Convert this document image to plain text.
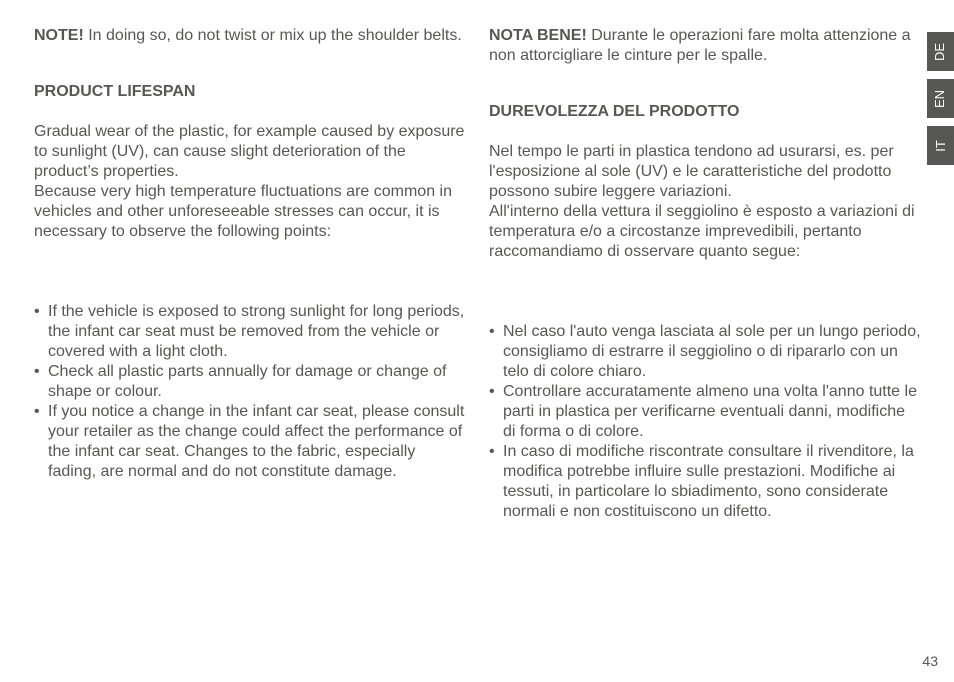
NOTE! In doing so, do not twist or mix up the shoulder belts.

PRODUCT LIFESPAN

Gradual wear of the plastic, for example caused by exposure to sunlight (UV), can cause slight deterioration of the product’s properties.

Because very high temperature fluctuations are common in vehicles and other unforeseeable stresses can occur, it is necessary to observe the following points:

• If the vehicle is exposed to strong sunlight for long periods, the infant car seat must be removed from the vehicle or covered with a light cloth.
• Check all plastic parts annually for damage or change of shape or colour.
• If you notice a change in the infant car seat, please consult your retailer as the change could affect the performance of the infant car seat. Changes to the fabric, especially fading, are normal and do not constitute damage.

NOTA BENE! Durante le operazioni fare molta attenzione a non attorcigliare le cinture per le spalle.

DUREVOLEZZA DEL PRODOTTO

Nel tempo le parti in plastica tendono ad usurarsi, es. per l'esposizione al sole (UV) e le caratteristiche del prodotto possono subire leggere variazioni.

All'interno della vettura il seggiolino è esposto a variazioni di temperatura e/o a circostanze imprevedibili, pertanto raccomandiamo di osservare quanto segue:

• Nel caso l'auto venga lasciata al sole per un lungo periodo, consigliamo di estrarre il seggiolino o di ripararlo con un telo di colore chiaro.
• Controllare accuratamente almeno una volta l'anno tutte le parti in plastica per verificarne eventuali danni, modifiche di forma o di colore.
• In caso di modifiche riscontrate consultare il rivenditore, la modifica potrebbe influire sulle prestazioni. Modifiche ai tessuti, in particolare lo sbiadimento, sono considerate normali e non costituiscono un difetto.
DE
EN
IT
43
